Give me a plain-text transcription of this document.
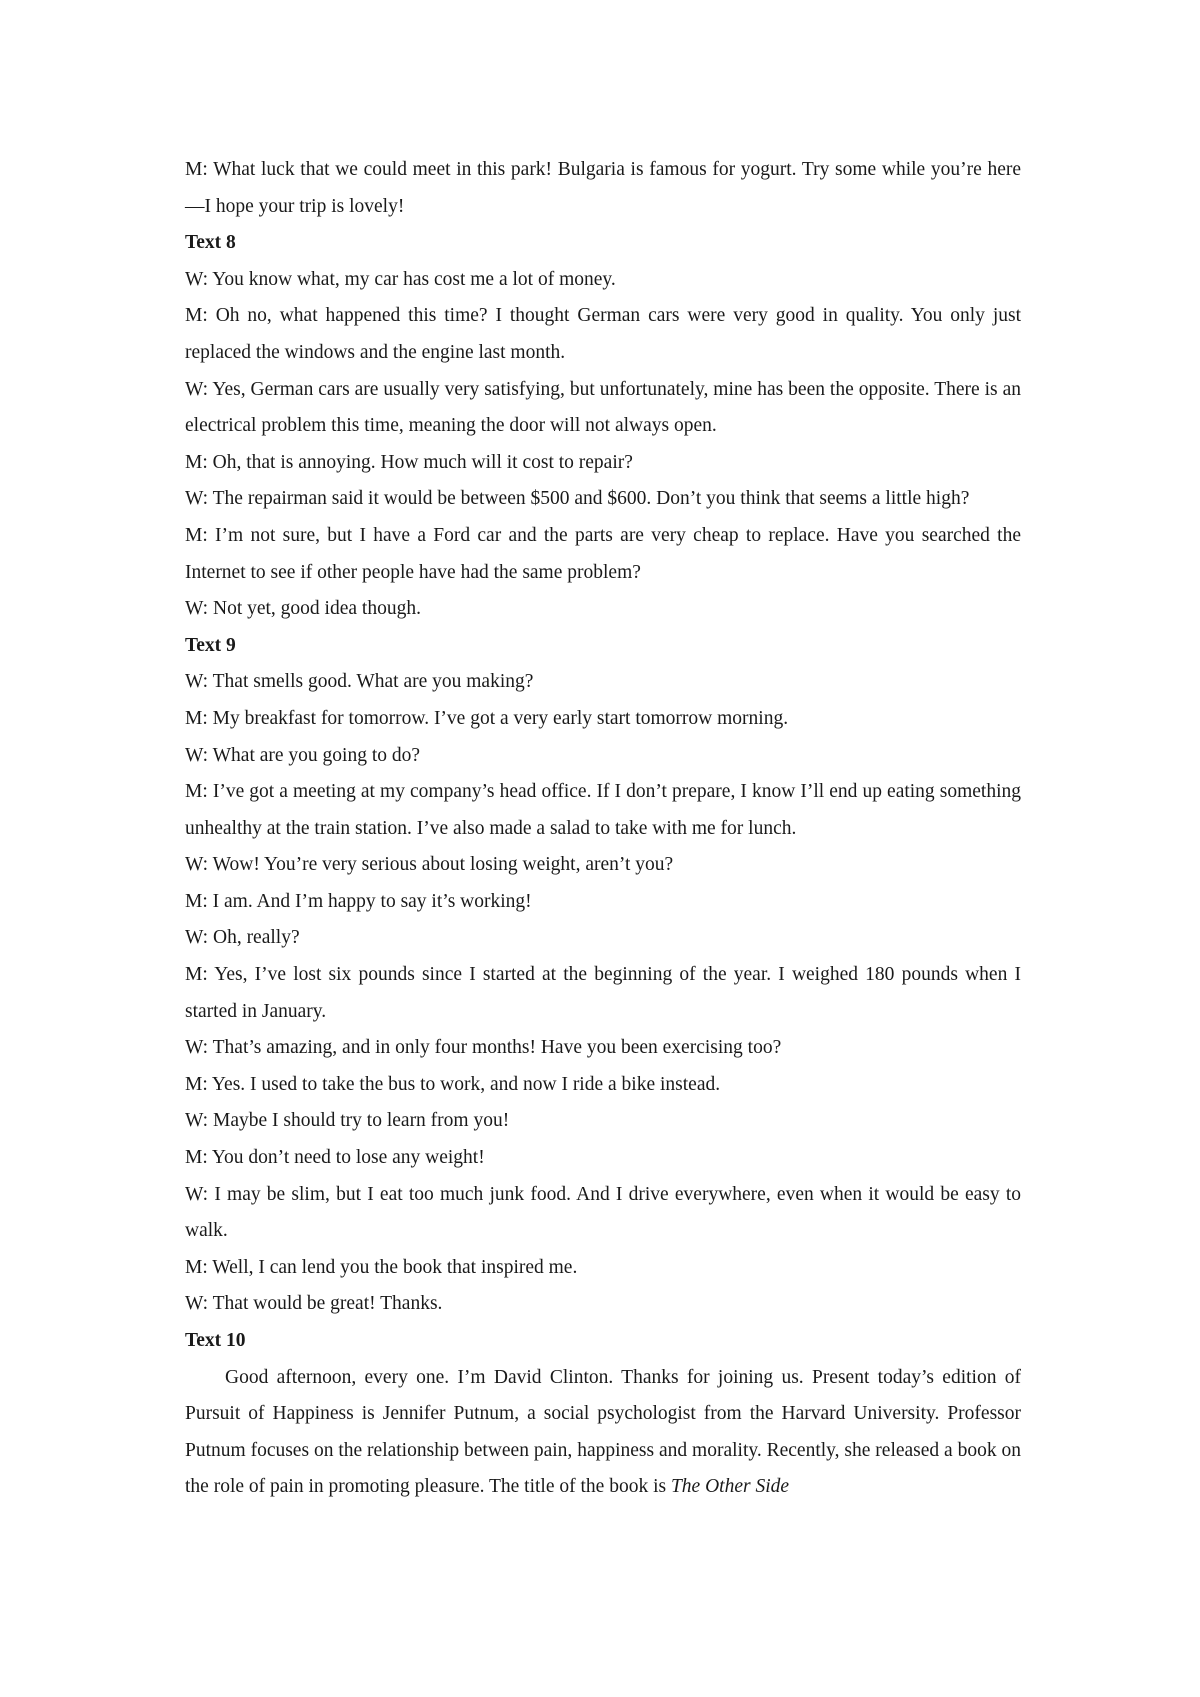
M: What luck that we could meet in this park! Bulgaria is famous for yogurt. Try some while you’re here—I hope your trip is lovely!

Text 8

W: You know what, my car has cost me a lot of money.

M: Oh no, what happened this time? I thought German cars were very good in quality. You only just replaced the windows and the engine last month.

W: Yes, German cars are usually very satisfying, but unfortunately, mine has been the opposite. There is an electrical problem this time, meaning the door will not always open.

M: Oh, that is annoying. How much will it cost to repair?

W: The repairman said it would be between $500 and $600. Don’t you think that seems a little high?

M: I’m not sure, but I have a Ford car and the parts are very cheap to replace. Have you searched the Internet to see if other people have had the same problem?

W: Not yet, good idea though.

Text 9

W: That smells good. What are you making?

M: My breakfast for tomorrow. I’ve got a very early start tomorrow morning.

W: What are you going to do?

M: I’ve got a meeting at my company’s head office. If I don’t prepare, I know I’ll end up eating something unhealthy at the train station. I’ve also made a salad to take with me for lunch.

W: Wow! You’re very serious about losing weight, aren’t you?

M: I am. And I’m happy to say it’s working!

W: Oh, really?

M: Yes, I’ve lost six pounds since I started at the beginning of the year. I weighed 180 pounds when I started in January.

W: That’s amazing, and in only four months! Have you been exercising too?

M: Yes. I used to take the bus to work, and now I ride a bike instead.

W: Maybe I should try to learn from you!

M: You don’t need to lose any weight!

W: I may be slim, but I eat too much junk food. And I drive everywhere, even when it would be easy to walk.

M: Well, I can lend you the book that inspired me.

W: That would be great! Thanks.

Text 10

Good afternoon, every one. I’m David Clinton. Thanks for joining us. Present today’s edition of Pursuit of Happiness is Jennifer Putnum, a social psychologist from the Harvard University. Professor Putnum focuses on the relationship between pain, happiness and morality. Recently, she released a book on the role of pain in promoting pleasure. The title of the book is The Other Side
